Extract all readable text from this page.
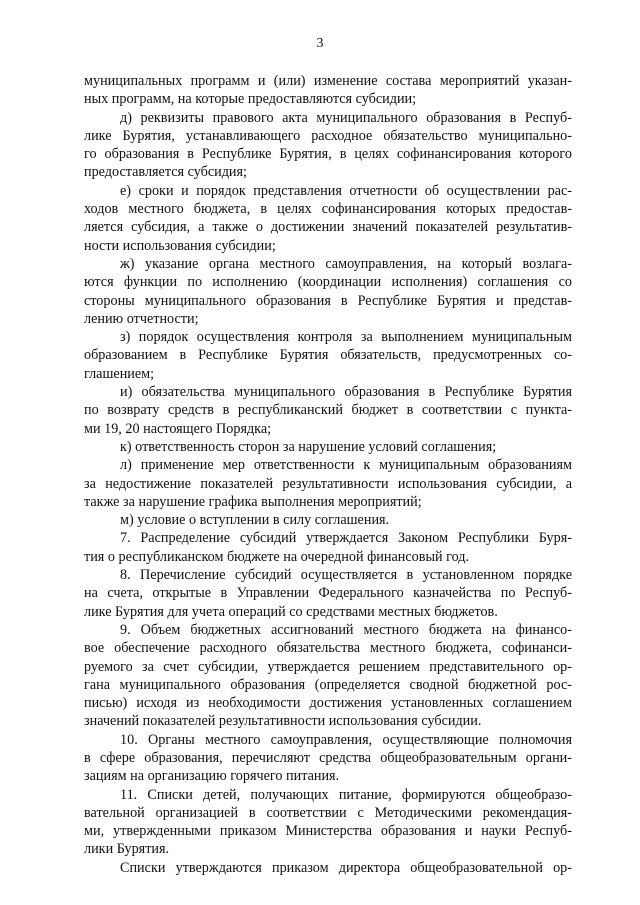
3
муниципальных программ и (или) изменение состава мероприятий указан-
ных программ, на которые предоставляются субсидии;
д) реквизиты правового акта муниципального образования в Респуб-
лике Бурятия, устанавливающего расходное обязательство муниципально-
го образования в Республике Бурятия, в целях софинансирования которого
предоставляется субсидия;
е) сроки и порядок представления отчетности об осуществлении рас-
ходов местного бюджета, в целях софинансирования которых предостав-
ляется субсидия, а также о достижении значений показателей результатив-
ности использования субсидии;
ж) указание органа местного самоуправления, на который возлага-
ются функции по исполнению (координации исполнения) соглашения со
стороны муниципального образования в Республике Бурятия и представ-
лению отчетности;
з) порядок осуществления контроля за выполнением муниципальным
образованием в Республике Бурятия обязательств, предусмотренных со-
глашением;
и) обязательства муниципального образования в Республике Бурятия
по возврату средств в республиканский бюджет в соответствии с пункта-
ми 19, 20 настоящего Порядка;
к) ответственность сторон за нарушение условий соглашения;
л) применение мер ответственности к муниципальным образованиям
за недостижение показателей результативности использования субсидии, а
также за нарушение графика выполнения мероприятий;
м) условие о вступлении в силу соглашения.
7. Распределение субсидий утверждается Законом Республики Буря-
тия о республиканском бюджете на очередной финансовый год.
8. Перечисление субсидий осуществляется в установленном порядке
на счета, открытые в Управлении Федерального казначейства по Респуб-
лике Бурятия для учета операций со средствами местных бюджетов.
9. Объем бюджетных ассигнований местного бюджета на финансо-
вое обеспечение расходного обязательства местного бюджета, софинанси-
руемого за счет субсидии, утверждается решением представительного ор-
гана муниципального образования (определяется сводной бюджетной рос-
писью) исходя из необходимости достижения установленных соглашением
значений показателей результативности использования субсидии.
10. Органы местного самоуправления, осуществляющие полномочия
в сфере образования, перечисляют средства общеобразовательным органи-
зациям на организацию горячего питания.
11. Списки детей, получающих питание, формируются общеобразо-
вательной организацией в соответствии с Методическими рекомендация-
ми, утвержденными приказом Министерства образования и науки Респуб-
лики Бурятия.
Списки утверждаются приказом директора общеобразовательной ор-
